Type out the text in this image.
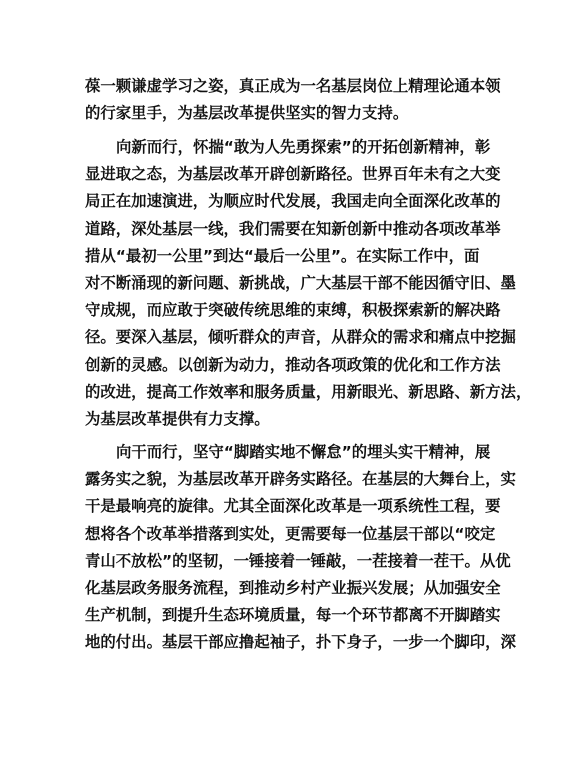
葆一颗谦虚学习之姿，真正成为一名基层岗位上精理论通本领
的行家里手，为基层改革提供坚实的智力支持。
向新而行，怀揣“敢为人先勇探索”的开拓创新精神，彰
显进取之态，为基层改革开辟创新路径。世界百年未有之大变
局正在加速演进，为顺应时代发展，我国走向全面深化改革的
道路，深处基层一线，我们需要在知新创新中推动各项改革举
措从“最初一公里”到达“最后一公里”。在实际工作中，面
对不断涌现的新问题、新挑战，广大基层干部不能因循守旧、墨
守成规，而应敢于突破传统思维的束缚，积极探索新的解决路
径。要深入基层，倾听群众的声音，从群众的需求和痛点中挖掘
创新的灵感。以创新为动力，推动各项政策的优化和工作方法
的改进，提高工作效率和服务质量，用新眼光、新思路、新方法，
为基层改革提供有力支撑。
向干而行，坚守“脚踏实地不懈怠”的埋头实干精神，展
露务实之貌，为基层改革开辟务实路径。在基层的大舞台上，实
干是最响亮的旋律。尤其全面深化改革是一项系统性工程，要
想将各个改革举措落到实处，更需要每一位基层干部以“咬定
青山不放松”的坚韧，一锤接着一锤敲，一茬接着一茬干。从优
化基层政务服务流程，到推动乡村产业振兴发展；从加强安全
生产机制，到提升生态环境质量，每一个环节都离不开脚踏实
地的付出。基层干部应撸起袖子，扑下身子，一步一个脚印，深
